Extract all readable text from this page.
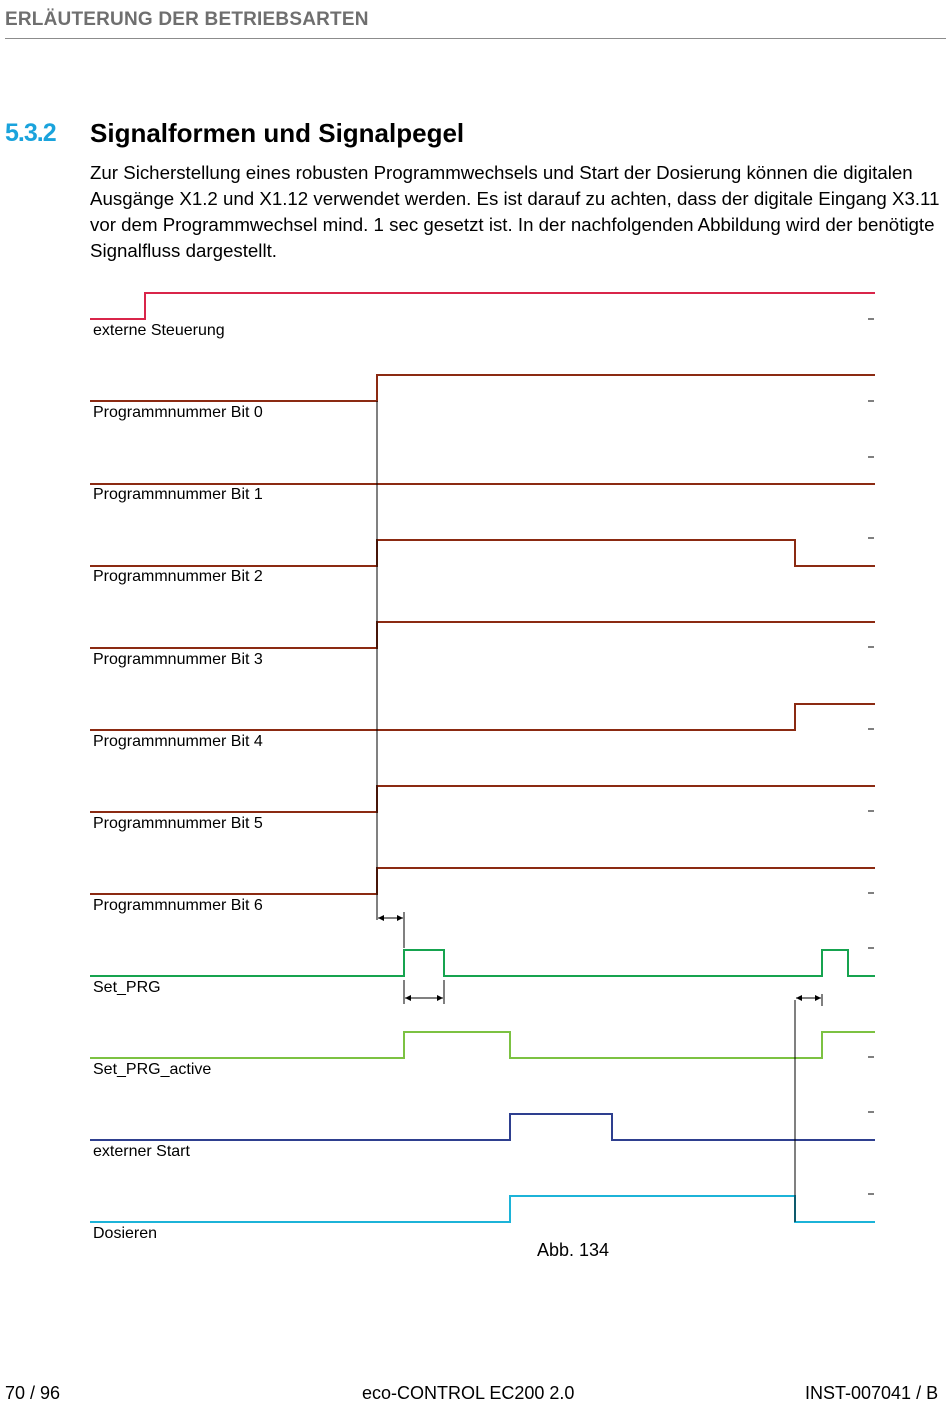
ERLÄUTERUNG DER BETRIEBSARTEN
5.3.2 Signalformen und Signalpegel

Zur Sicherstellung eines robusten Programmwechsels und Start der Dosierung können die digitalen Ausgänge X1.2 und X1.12 verwendet werden. Es ist darauf zu achten, dass der digitale Eingang X3.11 vor dem Programmwechsel mind. 1 sec gesetzt ist. In der nachfolgenden Abbildung wird der benötigte Signalfluss dargestellt.

externe Steuerung
Programmnummer Bit 0
Programmnummer Bit 1
Programmnummer Bit 2
Programmnummer Bit 3
Programmnummer Bit 4
Programmnummer Bit 5
Programmnummer Bit 6
Set_PRG
Set_PRG_active
externer Start
Dosieren
Abb. 134
70 / 96	eco-CONTROL EC200 2.0	INST-007041 / B
